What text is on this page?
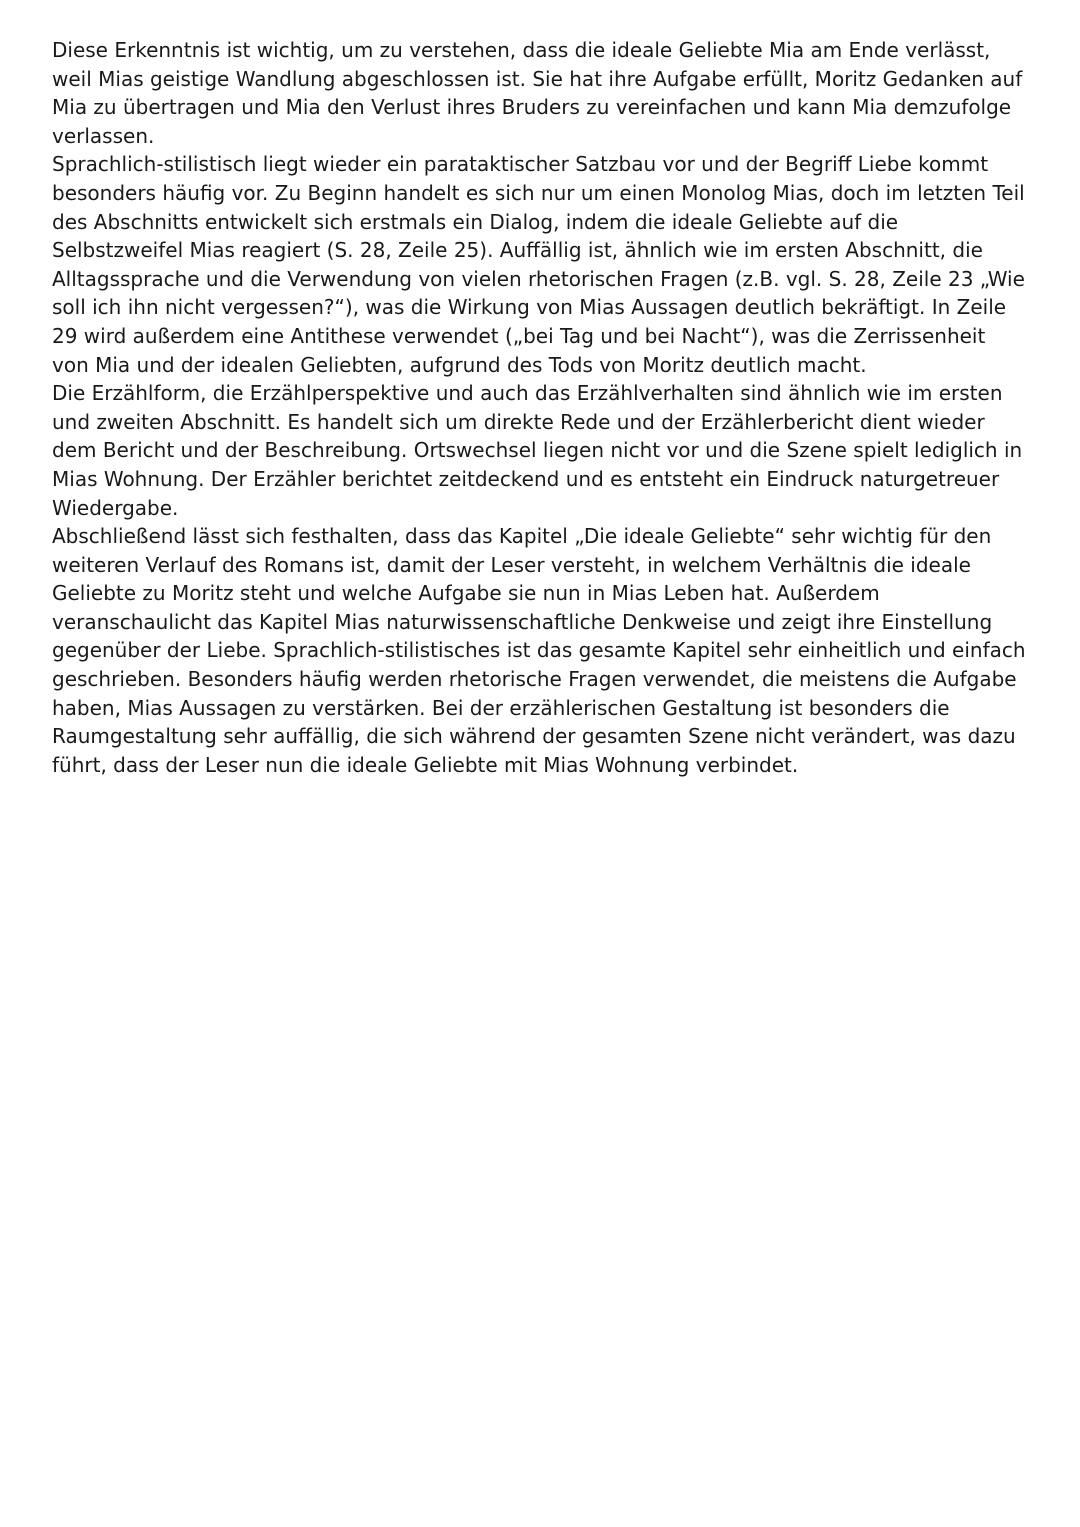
Diese Erkenntnis ist wichtig, um zu verstehen, dass die ideale Geliebte Mia am Ende verlässt, weil Mias geistige Wandlung abgeschlossen ist. Sie hat ihre Aufgabe erfüllt, Moritz Gedanken auf Mia zu übertragen und Mia den Verlust ihres Bruders zu vereinfachen und kann Mia demzufolge verlassen.

Sprachlich-stilistisch liegt wieder ein parataktischer Satzbau vor und der Begriff Liebe kommt besonders häufig vor. Zu Beginn handelt es sich nur um einen Monolog Mias, doch im letzten Teil des Abschnitts entwickelt sich erstmals ein Dialog, indem die ideale Geliebte auf die Selbstzweifel Mias reagiert (S. 28, Zeile 25). Auffällig ist, ähnlich wie im ersten Abschnitt, die Alltagssprache und die Verwendung von vielen rhetorischen Fragen (z.B. vgl. S. 28, Zeile 23 „Wie soll ich ihn nicht vergessen?“), was die Wirkung von Mias Aussagen deutlich bekräftigt. In Zeile 29 wird außerdem eine Antithese verwendet („bei Tag und bei Nacht“), was die Zerrissenheit von Mia und der idealen Geliebten, aufgrund des Tods von Moritz deutlich macht.

Die Erzählform, die Erzählperspektive und auch das Erzählverhalten sind ähnlich wie im ersten und zweiten Abschnitt. Es handelt sich um direkte Rede und der Erzählerbericht dient wieder dem Bericht und der Beschreibung. Ortswechsel liegen nicht vor und die Szene spielt lediglich in Mias Wohnung. Der Erzähler berichtet zeitdeckend und es entsteht ein Eindruck naturgetreuer Wiedergabe.

Abschließend lässt sich festhalten, dass das Kapitel „Die ideale Geliebte“ sehr wichtig für den weiteren Verlauf des Romans ist, damit der Leser versteht, in welchem Verhältnis die ideale Geliebte zu Moritz steht und welche Aufgabe sie nun in Mias Leben hat. Außerdem veranschaulicht das Kapitel Mias naturwissenschaftliche Denkweise und zeigt ihre Einstellung gegenüber der Liebe. Sprachlich-stilistisches ist das gesamte Kapitel sehr einheitlich und einfach geschrieben. Besonders häufig werden rhetorische Fragen verwendet, die meistens die Aufgabe haben, Mias Aussagen zu verstärken. Bei der erzählerischen Gestaltung ist besonders die Raumgestaltung sehr auffällig, die sich während der gesamten Szene nicht verändert, was dazu führt, dass der Leser nun die ideale Geliebte mit Mias Wohnung verbindet.
